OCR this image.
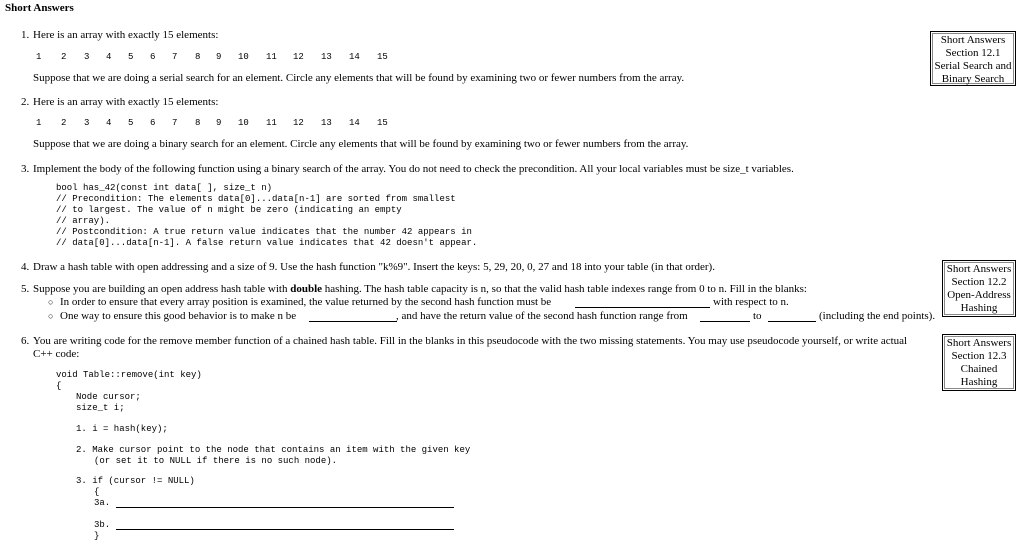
Short Answers
Short Answers
Section 12.1
Serial Search and
Binary Search
Short Answers
Section 12.2
Open-Address
Hashing
Short Answers
Section 12.3
Chained
Hashing
1. Here is an array with exactly 15 elements:
1 2 3 4 5 6 7 8 9 10 11 12 13 14 15
Suppose that we are doing a serial search for an element. Circle any elements that will be found by examining two or fewer numbers from the array.
2. Here is an array with exactly 15 elements:
1 2 3 4 5 6 7 8 9 10 11 12 13 14 15
Suppose that we are doing a binary search for an element. Circle any elements that will be found by examining two or fewer numbers from the array.
3. Implement the body of the following function using a binary search of the array. You do not need to check the precondition. All your local variables must be size_t variables.
bool has_42(const int data[ ], size_t n)
// Precondition: The elements data[0]...data[n-1] are sorted from smallest
// to largest. The value of n might be zero (indicating an empty
// array).
// Postcondition: A true return value indicates that the number 42 appears in
// data[0]...data[n-1]. A false return value indicates that 42 doesn't appear.
4. Draw a hash table with open addressing and a size of 9. Use the hash function "k%9". Insert the keys: 5, 29, 20, 0, 27 and 18 into your table (in that order).
5. Suppose you are building an open address hash table with double hashing. The hash table capacity is n, so that the valid hash table indexes range from 0 to n. Fill in the blanks:
○ In order to ensure that every array position is examined, the value returned by the second hash function must be	with respect to n.
○ One way to ensure this good behavior is to make n be	, and have the return value of the second hash function range from	to	(including the end points).
6. You are writing code for the remove member function of a chained hash table. Fill in the blanks in this pseudocode with the two missing statements. You may use pseudocode yourself, or write actual
C++ code:
void Table::remove(int key)
{
Node cursor;
size_t i;
1. i = hash(key);
2. Make cursor point to the node that contains an item with the given key
(or set it to NULL if there is no such node).
3. if (cursor != NULL)
{
3a.
3b.
}
